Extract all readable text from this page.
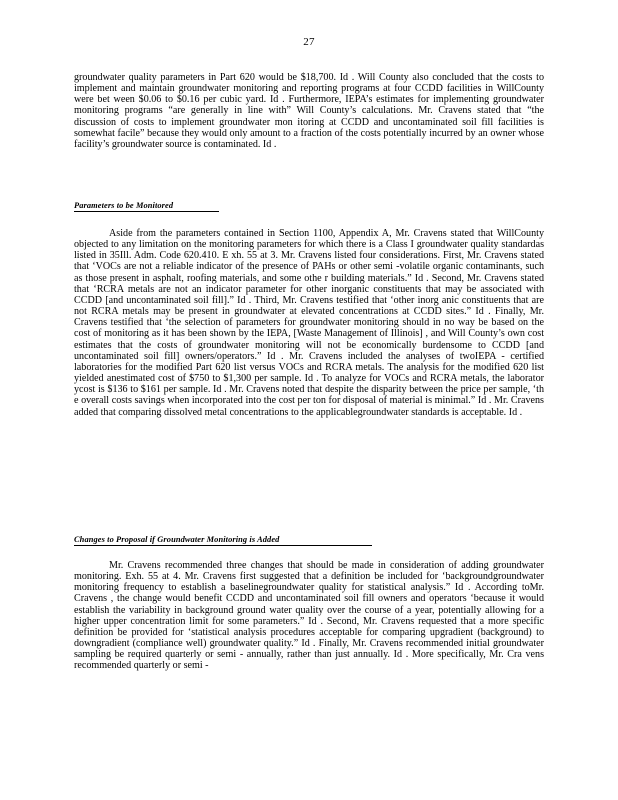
27

groundwater quality parameters in Part 620 would be $18,700. Id . Will County also concluded that the costs to implement and maintain groundwater monitoring and reporting programs at four CCDD facilities in WillCounty were bet ween $0.06 to $0.16 per cubic yard. Id . Furthermore, IEPA’s estimates for implementing groundwater monitoring programs “are generally in line with” Will County’s calculations. Mr. Cravens stated that “the discussion of costs to implement groundwater mon itoring at CCDD and uncontaminated soil fill facilities is somewhat facile” because they would only amount to a fraction of the costs potentially incurred by an owner whose facility’s groundwater source is contaminated. Id .

Parameters to be Monitored

Aside from the parameters contained in Section 1100, Appendix A, Mr. Cravens stated that WillCounty objected to any limitation on the monitoring parameters for which there is a Class I groundwater quality standardas listed in 35Ill. Adm. Code 620.410. E xh. 55 at 3. Mr. Cravens listed four considerations. First, Mr. Cravens stated that ‘VOCs are not a reliable indicator of the presence of PAHs or other semi -volatile organic contaminants, such as those present in asphalt, roofing materials, and some othe r building materials.” Id . Second, Mr. Cravens stated that ‘RCRA metals are not an indicator parameter for other inorganic constituents that may be associated with CCDD [and uncontaminated soil fill].” Id . Third, Mr. Cravens testified that ‘other inorg anic constituents that are not RCRA metals may be present in groundwater at elevated concentrations at CCDD sites.” Id . Finally, Mr. Cravens testified that ‘the selection of parameters for groundwater monitoring should in no way be based on the cost of monitoring as it has been shown by the IEPA, [Waste Management of Illinois] , and Will County’s own cost estimates that the costs of groundwater monitoring will not be economically burdensome to CCDD [and uncontaminated soil fill] owners/operators.” Id . Mr. Cravens included the analyses of twoIEPA - certified laboratories for the modified Part 620 list versus VOCs and RCRA metals. The analysis for the modified 620 list yielded anestimated cost of $750 to $1,300 per sample. Id . To analyze for VOCs and RCRA metals, the laborator ycost is $136 to $161 per sample. Id . Mr. Cravens noted that despite the disparity between the price per sample, ‘th e overall costs savings when incorporated into the cost per ton for disposal of material is minimal.” Id . Mr. Cravens added that comparing dissolved metal concentrations to the applicablegroundwater standards is acceptable. Id .

Changes to Proposal if Groundwater Monitoring is Added

Mr. Cravens recommended three changes that should be made in consideration of adding groundwater monitoring. Exh. 55 at 4. Mr. Cravens first suggested that a definition be included for ‘backgroundgroundwater monitoring frequency to establish a baselinegroundwater quality for statistical analysis.” Id . According toMr. Cravens , the change would benefit CCDD and uncontaminated soil fill owners and operators ‘because it would establish the variability in background ground water quality over the course of a year, potentially allowing for a higher upper concentration limit for some parameters.” Id . Second, Mr. Cravens requested that a more specific definition be provided for ‘statistical analysis procedures acceptable for comparing upgradient (background) to downgradient (compliance well) groundwater quality.” Id . Finally, Mr. Cravens recommended initial groundwater sampling be required quarterly or semi - annually, rather than just annually. Id . More specifically, Mr. Cra vens recommended quarterly or semi -
